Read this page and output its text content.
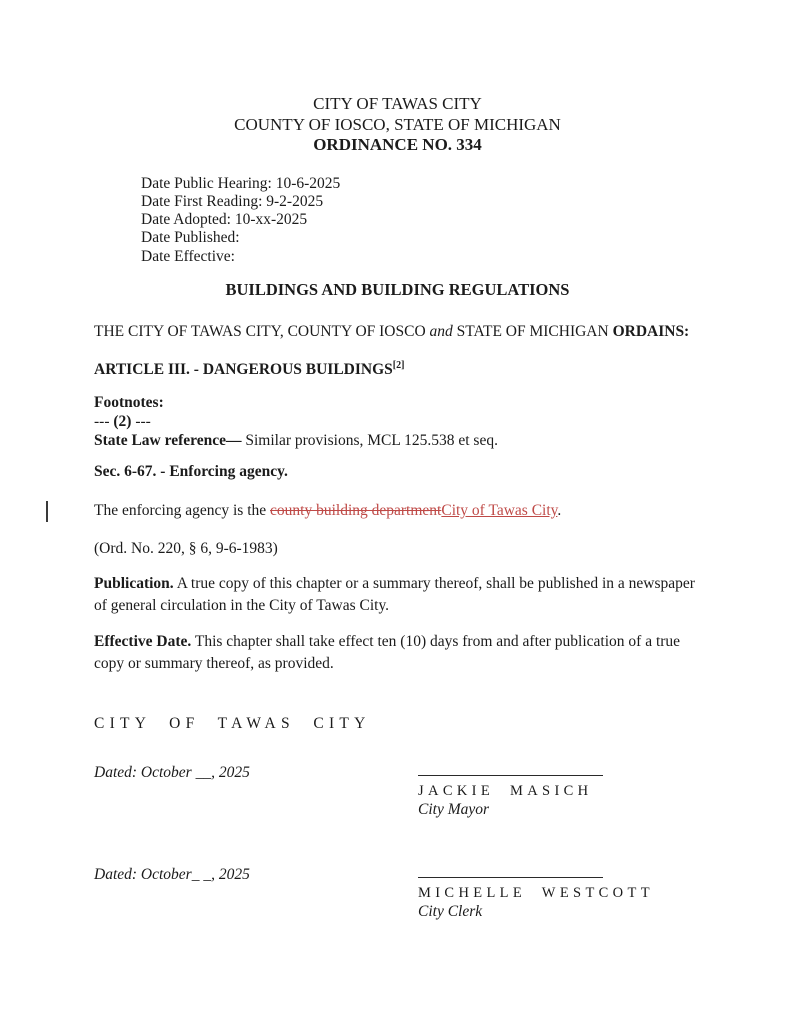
CITY OF TAWAS CITY
COUNTY OF IOSCO, STATE OF MICHIGAN
ORDINANCE NO. 334
Date Public Hearing: 10-6-2025
Date First Reading: 9-2-2025
Date Adopted: 10-xx-2025
Date Published:
Date Effective:
BUILDINGS AND BUILDING REGULATIONS

THE CITY OF TAWAS CITY, COUNTY OF IOSCO and STATE OF MICHIGAN ORDAINS:

ARTICLE III. - DANGEROUS BUILDINGS[2]

Footnotes:
--- (2) ---
State Law reference— Similar provisions, MCL 125.538 et seq.

Sec. 6-67. - Enforcing agency.

The enforcing agency is the county building departmentCity of Tawas City.

(Ord. No. 220, § 6, 9-6-1983)

Publication. A true copy of this chapter or a summary thereof, shall be published in a newspaper of general circulation in the City of Tawas City.

Effective Date. This chapter shall take effect ten (10) days from and after publication of a true copy or summary thereof, as provided.

CITY OF TAWAS CITY
Dated: October __, 2025
JACKIE MASICH
City Mayor
Dated: October_ _, 2025
MICHELLE WESTCOTT
City Clerk
